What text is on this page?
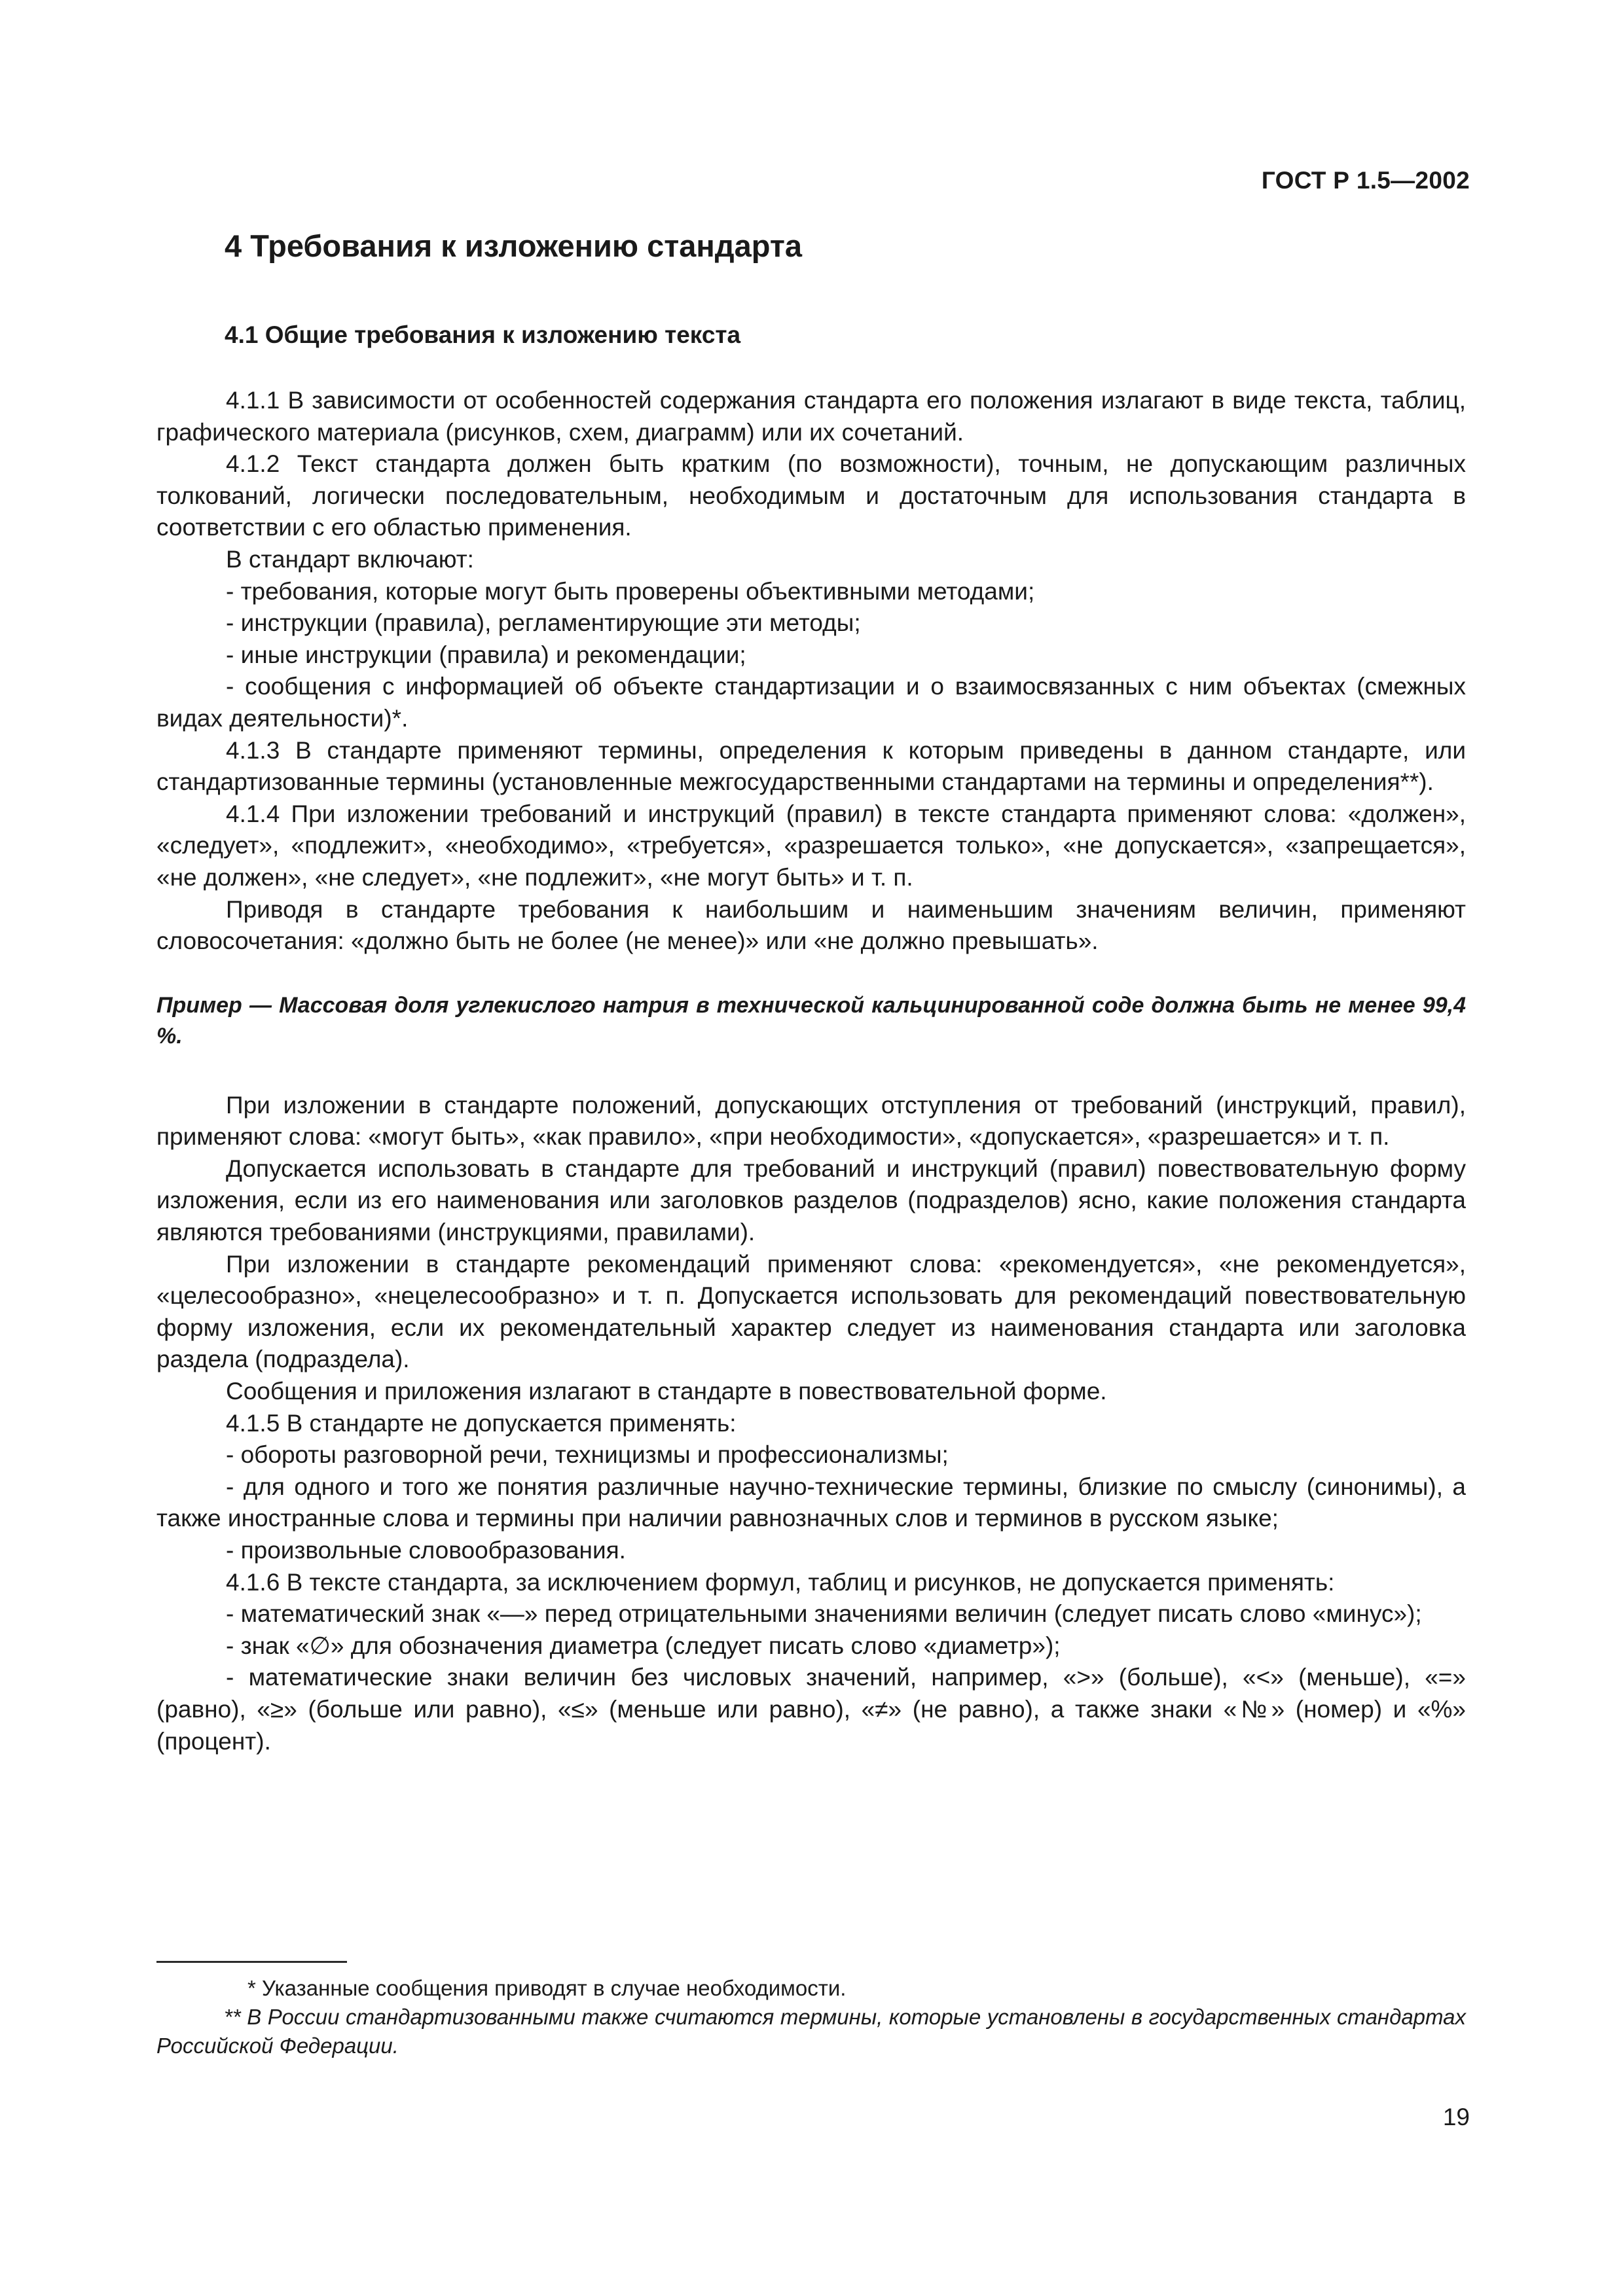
ГОСТ Р 1.5—2002
4 Требования к изложению стандарта
4.1 Общие требования к изложению текста

4.1.1 В зависимости от особенностей содержания стандарта его положения излагают в виде текста, таблиц, графического материала (рисунков, схем, диаграмм) или их сочетаний.

4.1.2 Текст стандарта должен быть кратким (по возможности), точным, не допускающим различных толкований, логически последовательным, необходимым и достаточным для использования стандарта в соответствии с его областью применения.

В стандарт включают:

- требования, которые могут быть проверены объективными методами;

- инструкции (правила), регламентирующие эти методы;

- иные инструкции (правила) и рекомендации;

- сообщения с информацией об объекте стандартизации и о взаимосвязанных с ним объектах (смежных видах деятельности)*.

4.1.3 В стандарте применяют термины, определения к которым приведены в данном стандарте, или стандартизованные термины (установленные межгосударственными стандартами на термины и определения**).

4.1.4 При изложении требований и инструкций (правил) в тексте стандарта применяют слова: «должен», «следует», «подлежит», «необходимо», «требуется», «разрешается только», «не допускается», «запрещается», «не должен», «не следует», «не подлежит», «не могут быть» и т. п.

Приводя в стандарте требования к наибольшим и наименьшим значениям величин, применяют словосочетания: «должно быть не более (не менее)» или «не должно превышать».

Пример — Массовая доля углекислого натрия в технической кальцинированной соде должна быть не менее 99,4 %.

При изложении в стандарте положений, допускающих отступления от требований (инструкций, правил), применяют слова: «могут быть», «как правило», «при необходимости», «допускается», «разрешается» и т. п.

Допускается использовать в стандарте для требований и инструкций (правил) повествовательную форму изложения, если из его наименования или заголовков разделов (подразделов) ясно, какие положения стандарта являются требованиями (инструкциями, правилами).

При изложении в стандарте рекомендаций применяют слова: «рекомендуется», «не рекомендуется», «целесообразно», «нецелесообразно» и т. п. Допускается использовать для рекомендаций повествовательную форму изложения, если их рекомендательный характер следует из наименования стандарта или заголовка раздела (подраздела).

Сообщения и приложения излагают в стандарте в повествовательной форме.

4.1.5 В стандарте не допускается применять:

- обороты разговорной речи, техницизмы и профессионализмы;

- для одного и того же понятия различные научно-технические термины, близкие по смыслу (синонимы), а также иностранные слова и термины при наличии равнозначных слов и терминов в русском языке;

- произвольные словообразования.

4.1.6 В тексте стандарта, за исключением формул, таблиц и рисунков, не допускается применять:

- математический знак «—» перед отрицательными значениями величин (следует писать слово «минус»);

- знак «∅» для обозначения диаметра (следует писать слово «диаметр»);

- математические знаки величин без числовых значений, например, «>» (больше), «<» (меньше), «=» (равно), «≥» (больше или равно), «≤» (меньше или равно), «≠» (не равно), а также знаки «№» (номер) и «%» (процент).

* Указанные сообщения приводят в случае необходимости.

** В России стандартизованными также считаются термины, которые установлены в государственных стандартах Российской Федерации.

19
